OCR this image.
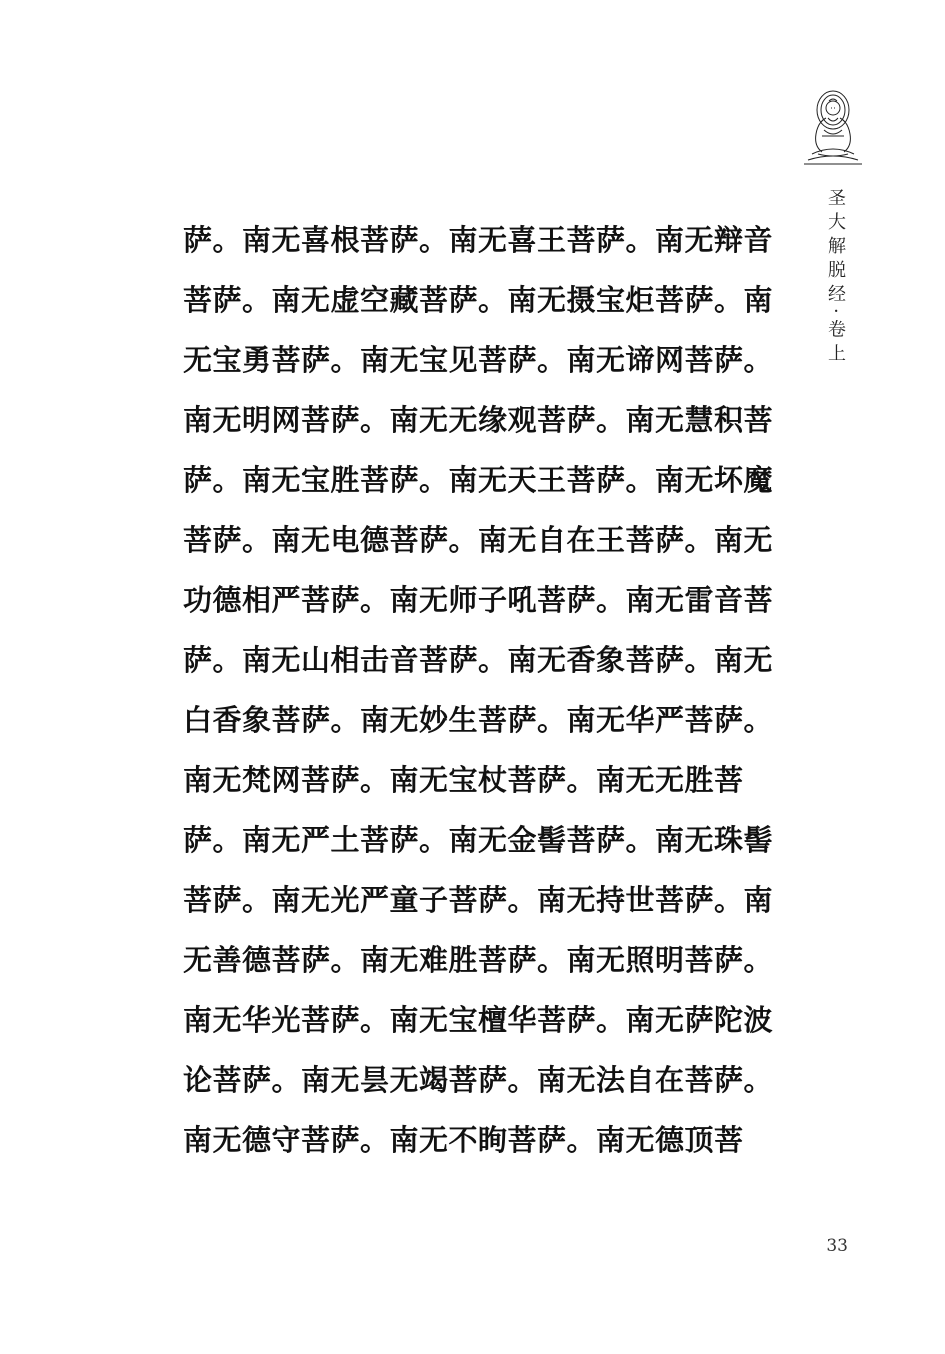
圣大解脱经·卷上
萨。南无喜根菩萨。南无喜王菩萨。南无辩音
菩萨。南无虚空藏菩萨。南无摄宝炬菩萨。南
无宝勇菩萨。南无宝见菩萨。南无谛网菩萨。
南无明网菩萨。南无无缘观菩萨。南无慧积菩
萨。南无宝胜菩萨。南无天王菩萨。南无坏魔
菩萨。南无电德菩萨。南无自在王菩萨。南无
功德相严菩萨。南无师子吼菩萨。南无雷音菩
萨。南无山相击音菩萨。南无香象菩萨。南无
白香象菩萨。南无妙生菩萨。南无华严菩萨。
南无梵网菩萨。南无宝杖菩萨。南无无胜菩
萨。南无严土菩萨。南无金髻菩萨。南无珠髻
菩萨。南无光严童子菩萨。南无持世菩萨。南
无善德菩萨。南无难胜菩萨。南无照明菩萨。
南无华光菩萨。南无宝檀华菩萨。南无萨陀波
论菩萨。南无昙无竭菩萨。南无法自在菩萨。
南无德守菩萨。南无不眴菩萨。南无德顶菩
33
